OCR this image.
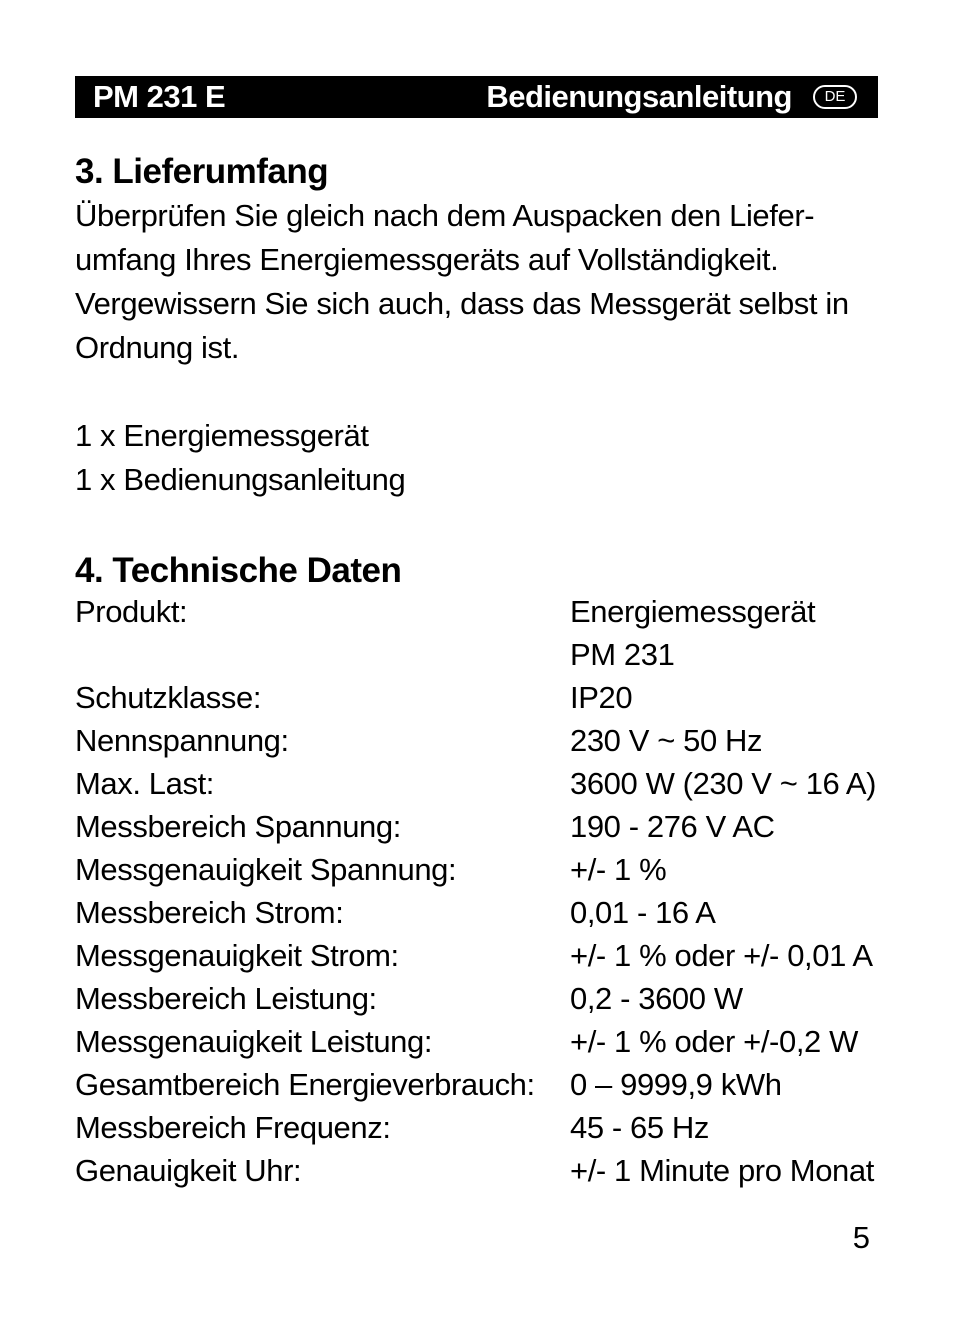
PM 231 E	Bedienungsanleitung	DE
3. Lieferumfang
Überprüfen Sie gleich nach dem Auspacken den Liefer-
umfang Ihres Energiemessgeräts auf Vollständigkeit.
Vergewissern Sie sich auch, dass das Messgerät selbst in
Ordnung ist.
1 x Energiemessgerät
1 x Bedienungsanleitung
4. Technische Daten
Produkt:	Energiemessgerät
PM 231
Schutzklasse:	IP20
Nennspannung:	230 V ~ 50 Hz
Max. Last:	3600 W (230 V ~ 16 A)
Messbereich Spannung:	190 - 276 V AC
Messgenauigkeit Spannung:	+/- 1 %
Messbereich Strom:	0,01 - 16 A
Messgenauigkeit Strom:	+/- 1 % oder +/- 0,01 A
Messbereich Leistung:	0,2 - 3600 W
Messgenauigkeit Leistung:	+/- 1 % oder +/-0,2 W
Gesamtbereich Energieverbrauch: 0 – 9999,9 kWh
Messbereich Frequenz:	45 - 65 Hz
Genauigkeit Uhr:	+/- 1 Minute pro Monat
5
